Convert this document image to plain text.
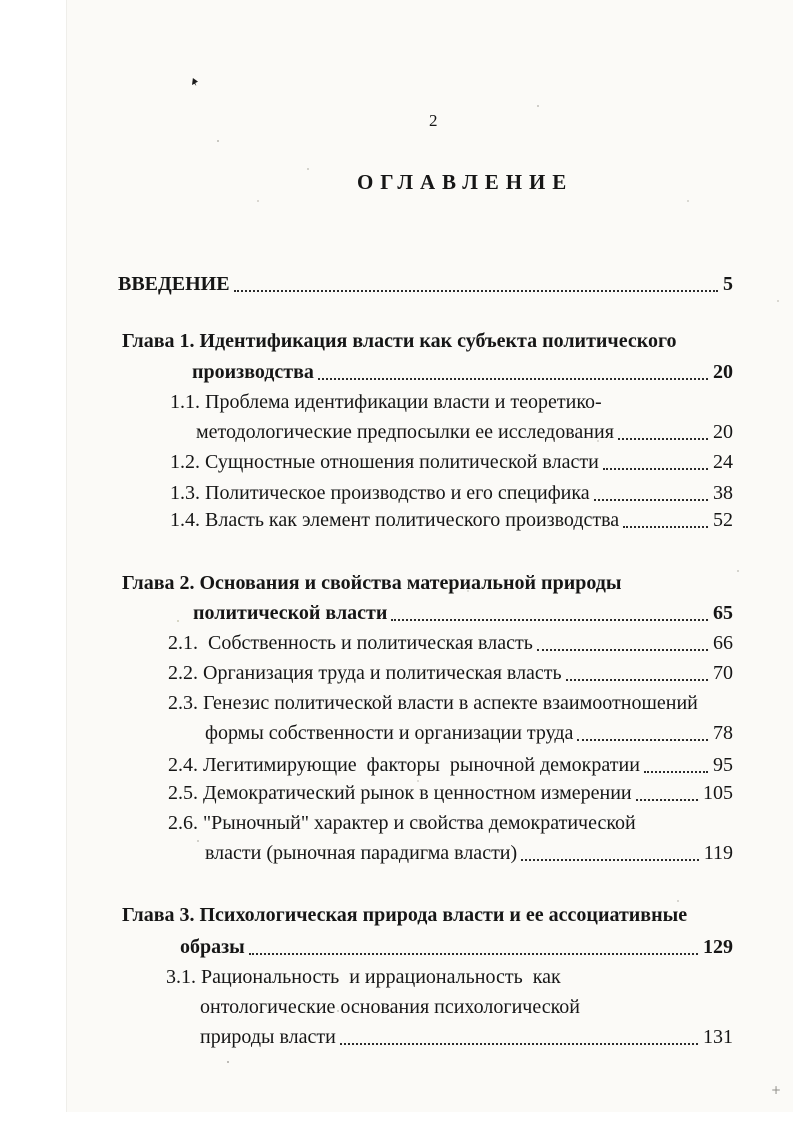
2
ОГЛАВЛЕНИЕ
ВВЕДЕНИЕ	5
Глава 1. Идентификация власти как субъекта политического
производства	20
1.1. Проблема идентификации власти и теоретико-
методологические предпосылки ее исследования	20
1.2. Сущностные отношения политической власти	24
1.3. Политическое производство и его специфика	38
1.4. Власть как элемент политического производства	52
Глава 2. Основания и свойства материальной природы
политической власти	65
2.1.  Собственность и политическая власть	66
2.2. Организация труда и политическая власть	70
2.3. Генезис политической власти в аспекте взаимоотношений
формы собственности и организации труда	78
2.4. Легитимирующие  факторы  рыночной демократии	95
2.5. Демократический рынок в ценностном измерении	105
2.6. "Рыночный" характер и свойства демократической
власти (рыночная парадигма власти)	119
Глава 3. Психологическая природа власти и ее ассоциативные
образы	129
3.1. Рациональность  и иррациональность  как
онтологические основания психологической
природы власти	131
+
